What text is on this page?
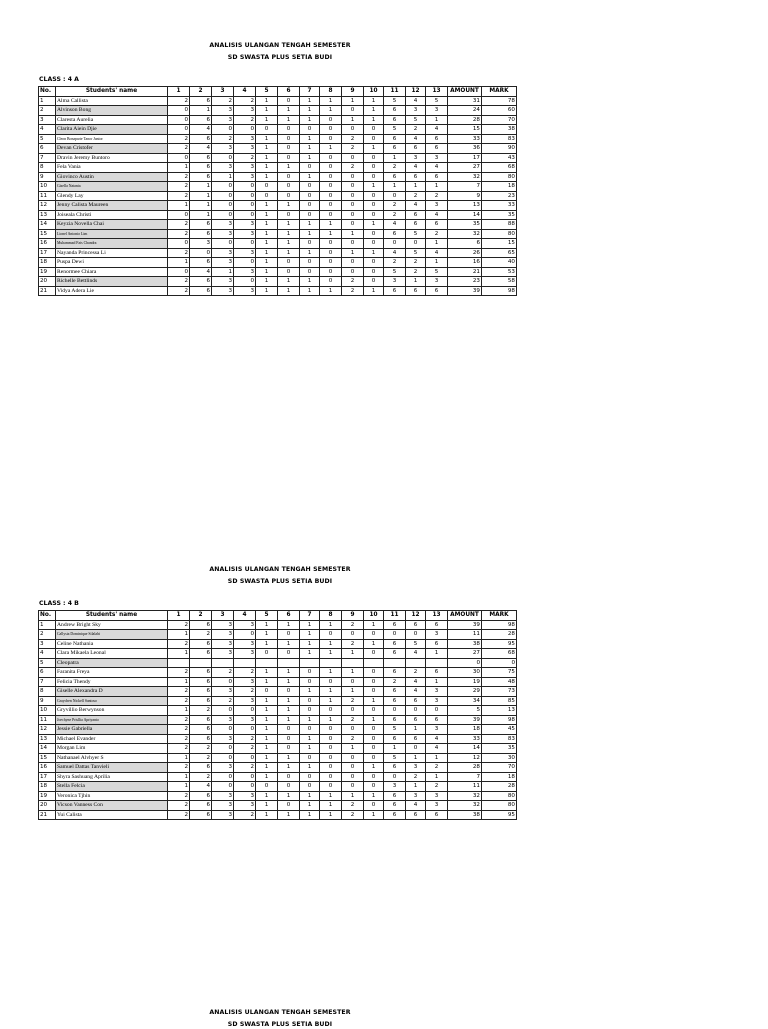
ANALISIS ULANGAN TENGAH SEMESTER
SD SWASTA PLUS SETIA BUDI
CLASS : 4 A
No.	Students' name	1	2	3	4	5	6	7	8	9	10	11	12	13	AMOUNT	MARK
1	Alma Callista	2	6	2	2	1	0	1	1	1	1	5	4	5	31	78
2	Alvinson Bong	0	1	3	3	1	1	1	1	0	1	6	3	3	24	60
3	Claresta Aurelia	0	6	3	2	1	1	1	0	1	1	6	5	1	28	70
4	Clarita Aiein Djie	0	4	0	0	0	0	0	0	0	0	5	2	4	15	38
5	Cleon Bonaparte Tanor Junior	2	6	2	3	1	0	1	0	2	0	6	4	6	33	83
6	Devan Cristofer	2	4	3	3	1	0	1	1	2	1	6	6	6	36	90
7	Dravin Jeremy Buntoro	0	6	0	2	1	0	1	0	0	0	1	3	3	17	43
8	Fela Vania	1	6	3	3	1	1	0	0	2	0	2	4	4	27	68
9	Giovinco Austin	2	6	1	3	1	0	1	0	0	0	6	6	6	32	80
10	Gisella Natania	2	1	0	0	0	0	0	0	0	1	1	1	1	7	18
11	Glendy Lay	2	1	0	0	0	0	0	0	0	0	0	2	2	9	23
12	Jenny Calista Maureen	1	1	0	0	1	1	0	0	0	0	2	4	3	13	33
13	Joiseala Christi	0	1	0	0	1	0	0	0	0	0	2	6	4	14	35
14	Keyzia Novella Chai	2	6	3	3	1	1	1	1	0	1	4	6	6	35	88
15	Lionel Antonio Lim	2	6	3	3	1	1	1	1	1	0	6	5	2	32	80
16	Muhammad Fais Chandra	0	3	0	0	1	1	0	0	0	0	0	0	1	6	15
17	Nayanda Princessa Li	2	0	3	3	1	1	1	0	1	1	4	5	4	26	65
18	Puspa Dewi	1	6	3	0	1	0	0	0	0	0	2	2	1	16	40
19	Renormee Chiara	0	4	1	3	1	0	0	0	0	0	5	2	5	21	53
20	Richelle Bettlinds	2	6	3	0	1	1	1	0	2	0	3	1	3	23	58
21	Vidya Adera Lie	2	6	3	3	1	1	1	1	2	1	6	6	6	39	98
ANALISIS ULANGAN TENGAH SEMESTER
SD SWASTA PLUS SETIA BUDI
CLASS : 4 B
No.	Students' name	1	2	3	4	5	6	7	8	9	10	11	12	13	AMOUNT	MARK
1	Andrew Bright Sky	2	6	3	3	1	1	1	1	2	1	6	6	6	39	98
2	Callysta Dominique Silalahi	1	2	3	0	1	0	1	0	0	0	0	0	3	11	28
3	Celine Nathania	2	6	3	3	1	1	1	1	2	1	6	5	6	38	95
4	Clara Mikaela Leonal	1	6	3	3	0	0	1	1	1	0	6	4	1	27	68
5	Cleopatra														0	0
6	Faranita Freya	2	6	2	2	1	1	0	1	1	0	6	2	6	30	75
7	Felicia Thendy	1	6	0	3	1	1	0	0	0	0	2	4	1	19	48
8	Giselle Alexandra D	2	6	3	2	0	0	1	1	1	0	6	4	3	29	73
9	Graychen Nickell Santoso	2	6	2	3	1	1	0	1	2	1	6	6	3	34	85
10	Gryvillio Berwynson	1	2	0	0	1	1	0	0	0	0	0	0	0	5	13
11	Joechyne Prisllia Apriyanto	2	6	3	3	1	1	1	1	2	1	6	6	6	39	98
12	Jessie Gabriella	2	6	0	0	1	0	0	0	0	0	5	1	3	18	45
13	Michael Evander	2	6	3	2	1	0	1	0	2	0	6	6	4	33	83
14	Morgan Lim	2	2	0	2	1	0	1	0	1	0	1	0	4	14	35
15	Nathanael Alvhyer S	1	2	0	0	1	1	0	0	0	0	5	1	1	12	30
16	Samuel Dattas Tanvieli	2	6	3	2	1	1	1	0	0	1	6	3	2	28	70
17	Shyra Sashuang Aprilia	1	2	0	0	1	0	0	0	0	0	0	2	1	7	18
18	Stella Felcia	1	4	0	0	0	0	0	0	0	0	3	1	2	11	28
19	Veronica Tjhin	2	6	3	3	1	1	1	1	1	1	6	3	3	32	80
20	Vicson Vanness Con	2	6	3	3	1	0	1	1	2	0	6	4	3	32	80
21	Yui Calista	2	6	3	2	1	1	1	1	2	1	6	6	6	38	95
ANALISIS ULANGAN TENGAH SEMESTER
SD SWASTA PLUS SETIA BUDI
